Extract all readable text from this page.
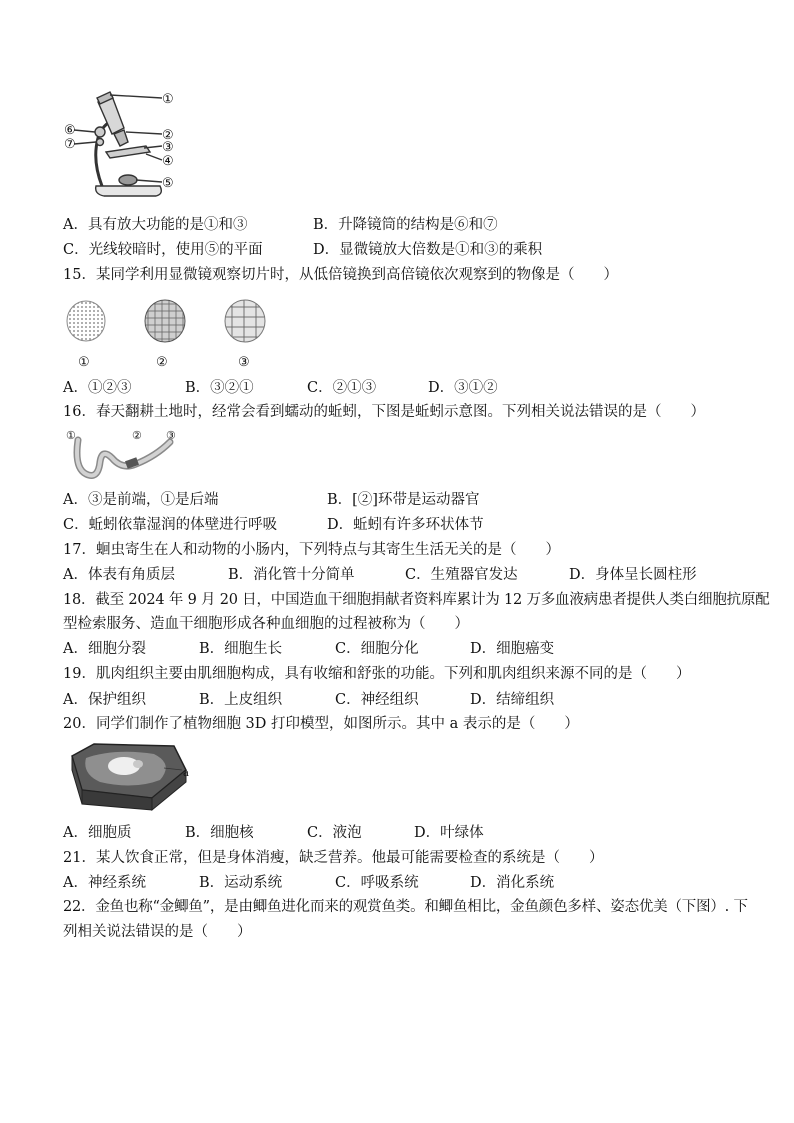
①
②
③
④
⑤
⑥
⑦
A．具有放大功能的是①和③	B．升降镜筒的结构是⑥和⑦
C．光线较暗时，使用⑤的平面	D．显微镜放大倍数是①和③的乘积
15．某同学利用显微镜观察切片时，从低倍镜换到高倍镜依次观察到的物像是（　　）
①	②	③
A．①②③	B．③②①	C．②①③	D．③①②
16．春天翻耕土地时，经常会看到蠕动的蚯蚓，下图是蚯蚓示意图。下列相关说法错误的是（　　）
①	② ③
A．③是前端，①是后端	B．[②]环带是运动器官
C．蚯蚓依靠湿润的体壁进行呼吸	D．蚯蚓有许多环状体节
17．蛔虫寄生在人和动物的小肠内，下列特点与其寄生生活无关的是（　　）
A．体表有角质层	B．消化管十分简单	C．生殖器官发达	D．身体呈长圆柱形
18．截至 2024 年 9 月 20 日，中国造血干细胞捐献者资料库累计为 12 万多血液病患者提供人类白细胞抗原配
型检索服务、造血干细胞形成各种血细胞的过程被称为（　　）
A．细胞分裂	B．细胞生长	C．细胞分化	D．细胞癌变
19．肌肉组织主要由肌细胞构成，具有收缩和舒张的功能。下列和肌肉组织来源不同的是（　　）
A．保护组织	B．上皮组织	C．神经组织	D．结缔组织
20．同学们制作了植物细胞 3D 打印模型，如图所示。其中 a 表示的是（　　）
a
A．细胞质	B．细胞核	C．液泡	D．叶绿体
21．某人饮食正常，但是身体消瘦，缺乏营养。他最可能需要检查的系统是（　　）
A．神经系统	B．运动系统	C．呼吸系统	D．消化系统
22．金鱼也称“金鲫鱼”，是由鲫鱼进化而来的观赏鱼类。和鲫鱼相比，金鱼颜色多样、姿态优美（下图）. 下
列相关说法错误的是（　　）
